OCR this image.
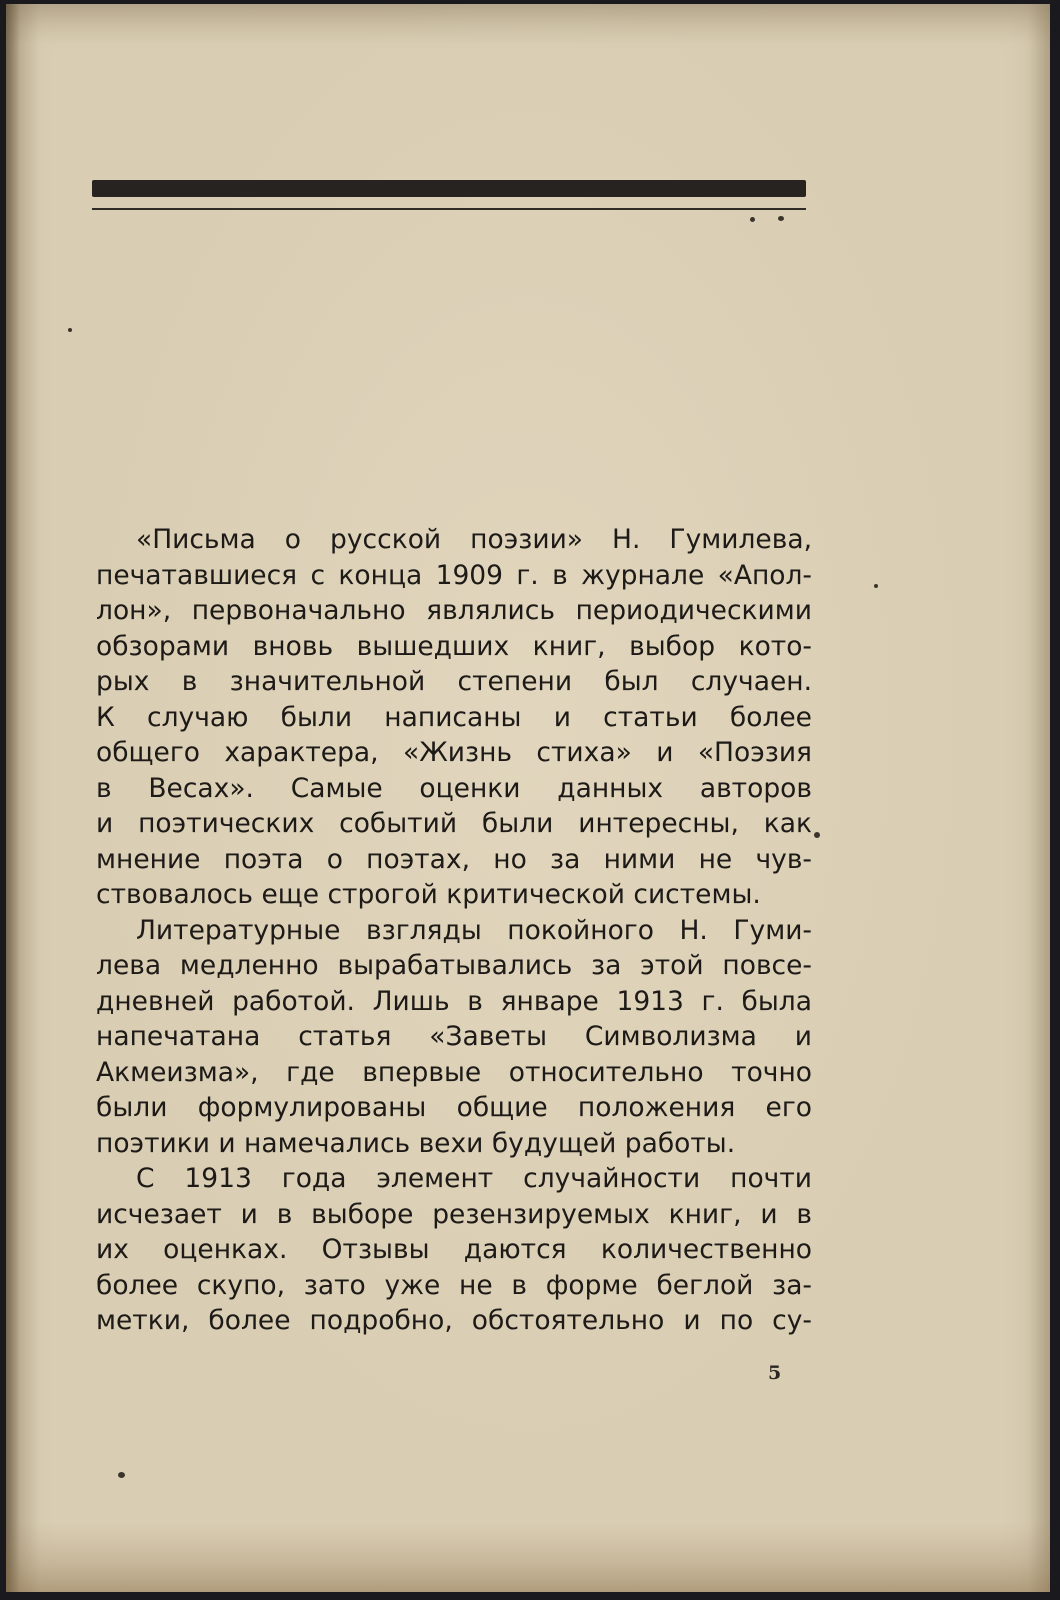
«Письма о русской поэзии» Н. Гумилева,
печатавшиеся с конца 1909 г. в журнале «Апол-
лон», первоначально являлись периодическими
обзорами вновь вышедших книг, выбор кото-
рых в значительной степени был случаен.
К случаю были написаны и статьи более
общего характера, «Жизнь стиха» и «Поэзия
в Весах». Самые оценки данных авторов
и поэтических событий были интересны, как
мнение поэта о поэтах, но за ними не чув-
ствовалось еще строгой критической системы.
Литературные взгляды покойного Н. Гуми-
лева медленно вырабатывались за этой повсе-
дневней работой. Лишь в январе 1913 г. была
напечатана статья «Заветы Символизма и
Акмеизма», где впервые относительно точно
были формулированы общие положения его
поэтики и намечались вехи будущей работы.
С 1913 года элемент случайности почти
исчезает и в выборе резензируемых книг, и в
их оценках. Отзывы даются количественно
более скупо, зато уже не в форме беглой за-
метки, более подробно, обстоятельно и по су-
5
